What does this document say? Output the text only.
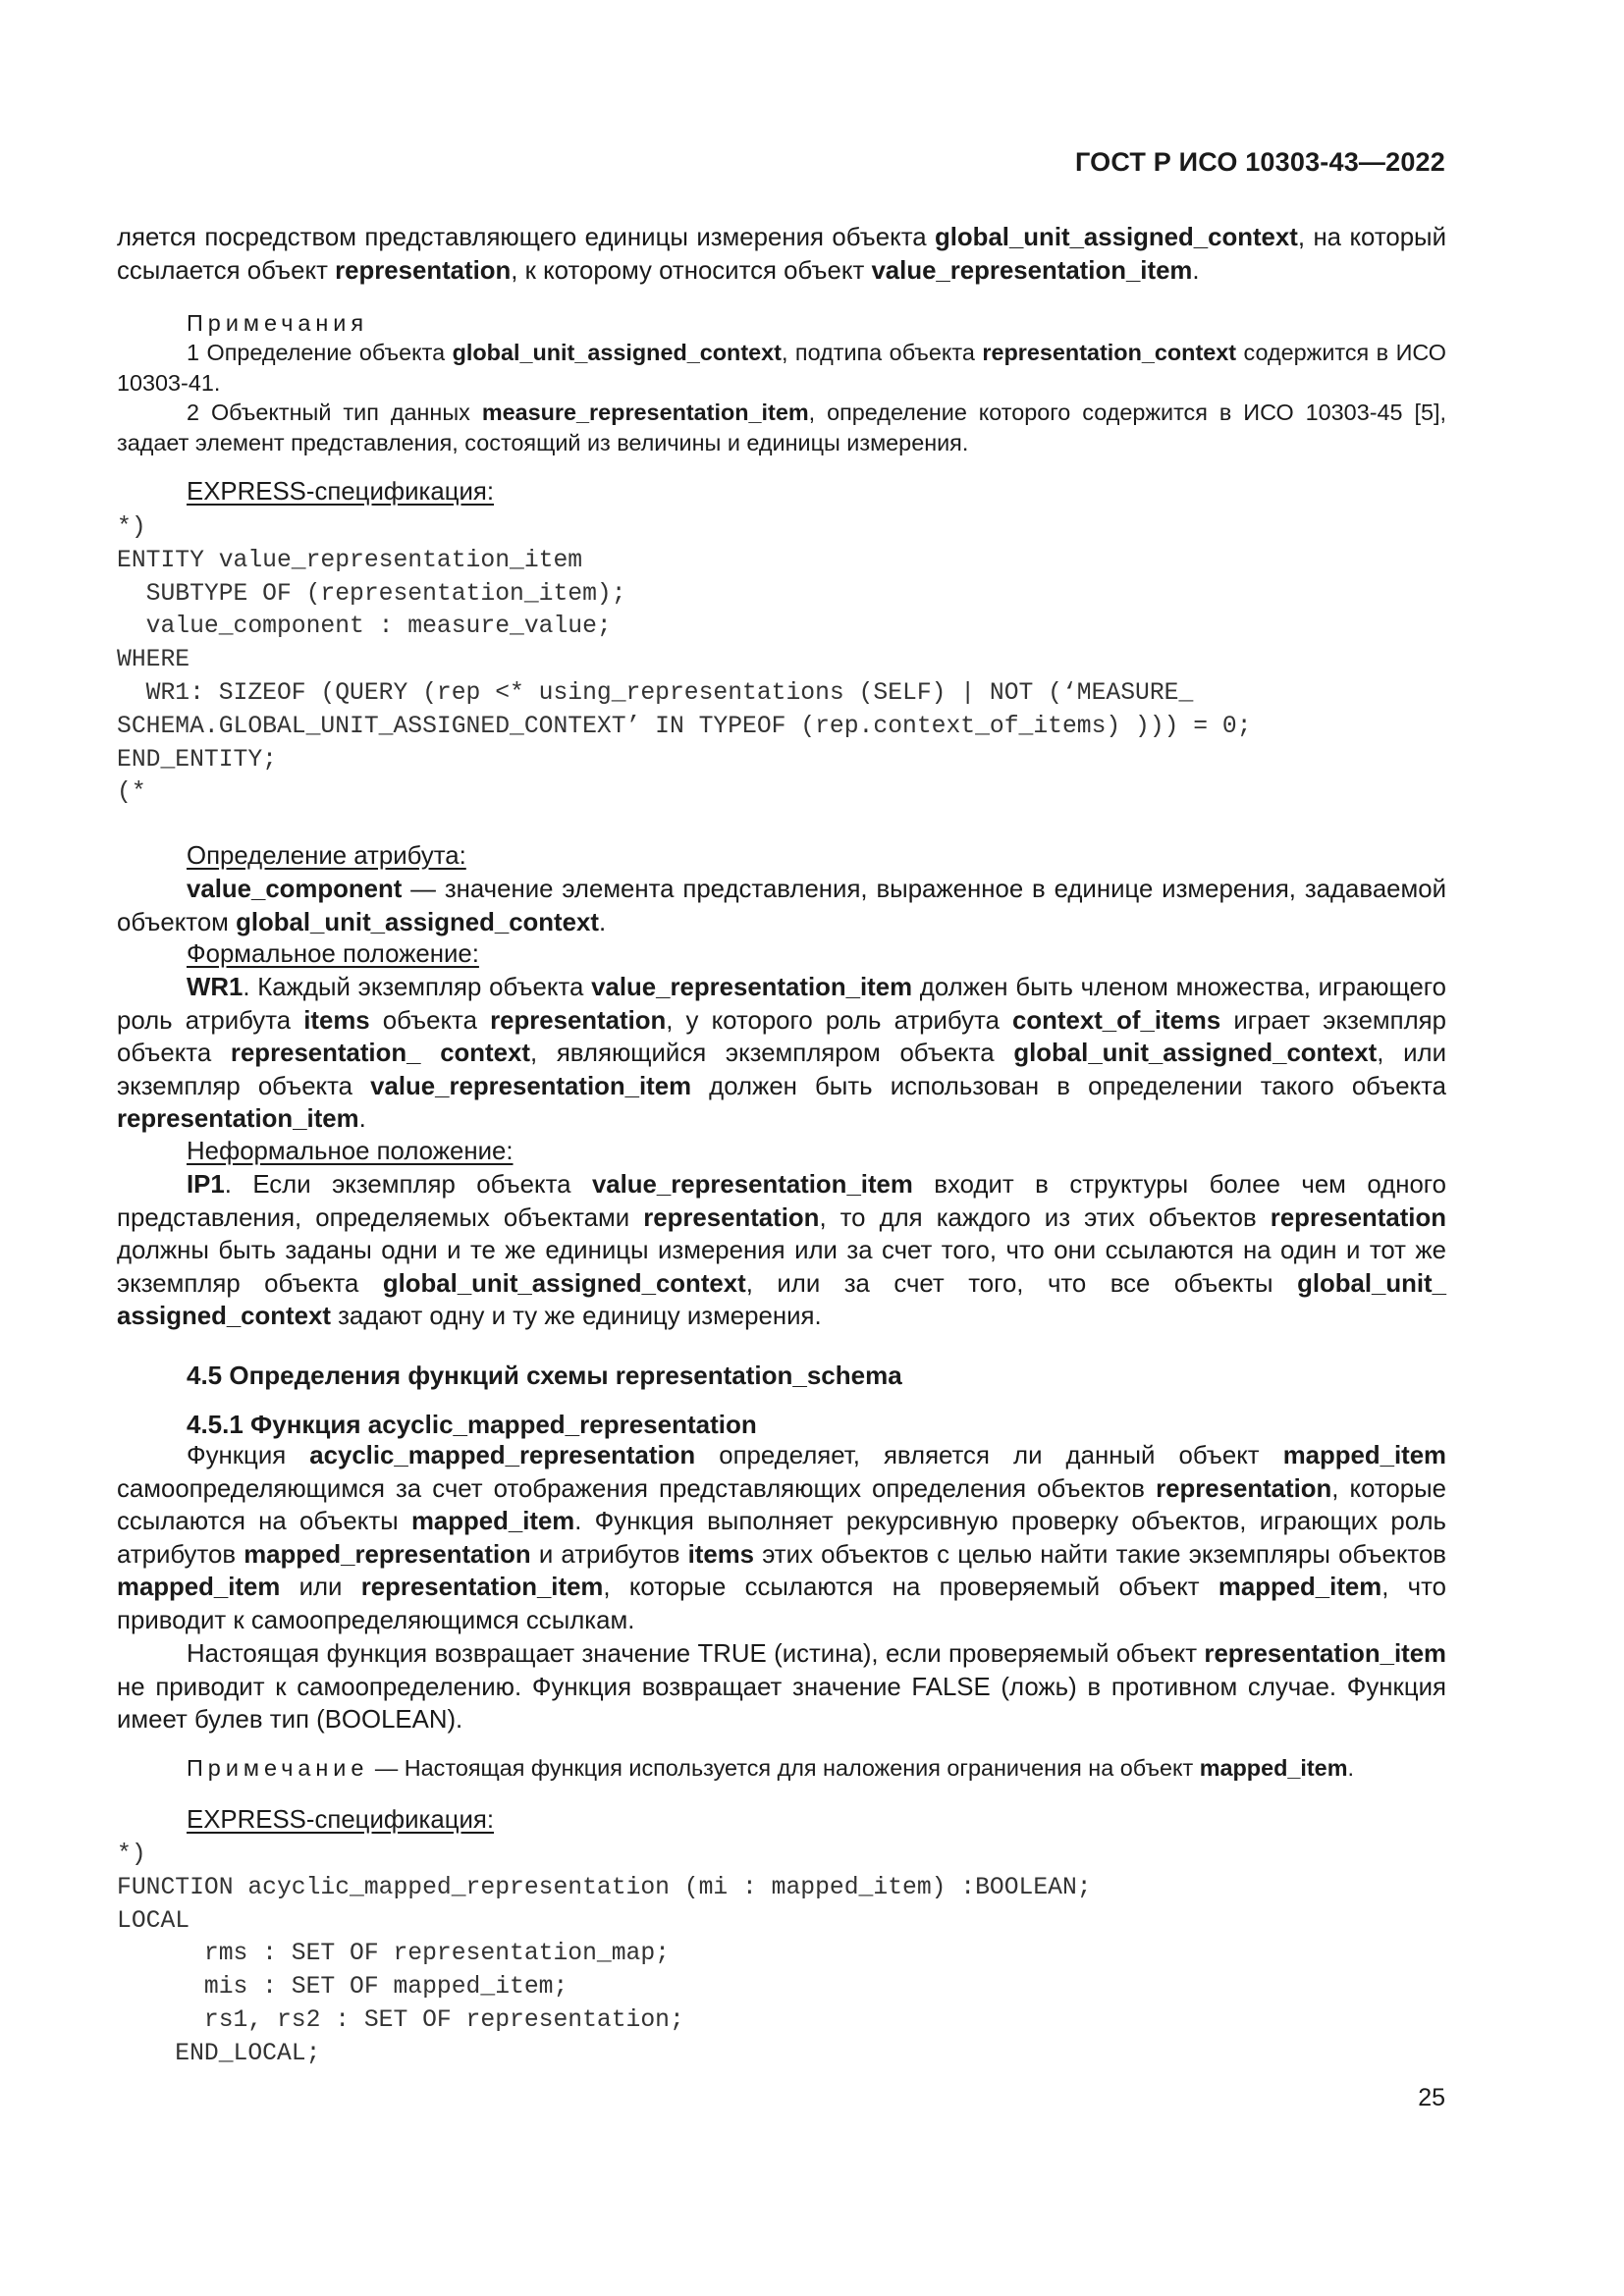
ГОСТ Р ИСО 10303-43—2022

ляется посредством представляющего единицы измерения объекта global_unit_assigned_context, на который ссылается объект representation, к которому относится объект value_representation_item.

Примечания

1 Определение объекта global_unit_assigned_context, подтипа объекта representation_context содержится в ИСО 10303-41.

2 Объектный тип данных measure_representation_item, определение которого содержится в ИСО 10303-45 [5], задает элемент представления, состоящий из величины и единицы измерения.

EXPRESS-спецификация:
*)
ENTITY value_representation_item
SUBTYPE OF (representation_item);
value_component : measure_value;
WHERE
WR1: SIZEOF (QUERY (rep <* using_representations (SELF) | NOT (‘MEASURE_
SCHEMA.GLOBAL_UNIT_ASSIGNED_CONTEXT’ IN TYPEOF (rep.context_of_items) ))) = 0;
END_ENTITY;
(*
Определение атрибута:

value_component — значение элемента представления, выраженное в единице измерения, задаваемой объектом global_unit_assigned_context.

Формальное положение:

WR1. Каждый экземпляр объекта value_representation_item должен быть членом множества, играющего роль атрибута items объекта representation, у которого роль атрибута context_of_items играет экземпляр объекта representation_ context, являющийся экземпляром объекта global_unit_assigned_context, или экземпляр объекта value_representation_item должен быть использован в определении такого объекта representation_item.

Неформальное положение:

IP1. Если экземпляр объекта value_representation_item входит в структуры более чем одного представления, определяемых объектами representation, то для каждого из этих объектов representation должны быть заданы одни и те же единицы измерения или за счет того, что они ссылаются на один и тот же экземпляр объекта global_unit_assigned_context, или за счет того, что все объекты global_unit_ assigned_context задают одну и ту же единицу измерения.

4.5 Определения функций схемы representation_schema
4.5.1 Функция acyclic_mapped_representation

Функция acyclic_mapped_representation определяет, является ли данный объект mapped_item самоопределяющимся за счет отображения представляющих определения объектов representation, которые ссылаются на объекты mapped_item. Функция выполняет рекурсивную проверку объектов, играющих роль атрибутов mapped_representation и атрибутов items этих объектов с целью найти такие экземпляры объектов mapped_item или representation_item, которые ссылаются на проверяемый объект mapped_item, что приводит к самоопределяющимся ссылкам.

Настоящая функция возвращает значение TRUE (истина), если проверяемый объект representation_item не приводит к самоопределению. Функция возвращает значение FALSE (ложь) в противном случае. Функция имеет булев тип (BOOLEAN).

Примечание — Настоящая функция используется для наложения ограничения на объект mapped_item.

EXPRESS-спецификация:
*)
FUNCTION acyclic_mapped_representation (mi : mapped_item) :BOOLEAN;
LOCAL
rms : SET OF representation_map;
mis : SET OF mapped_item;
rs1, rs2 : SET OF representation;
END_LOCAL;
25
